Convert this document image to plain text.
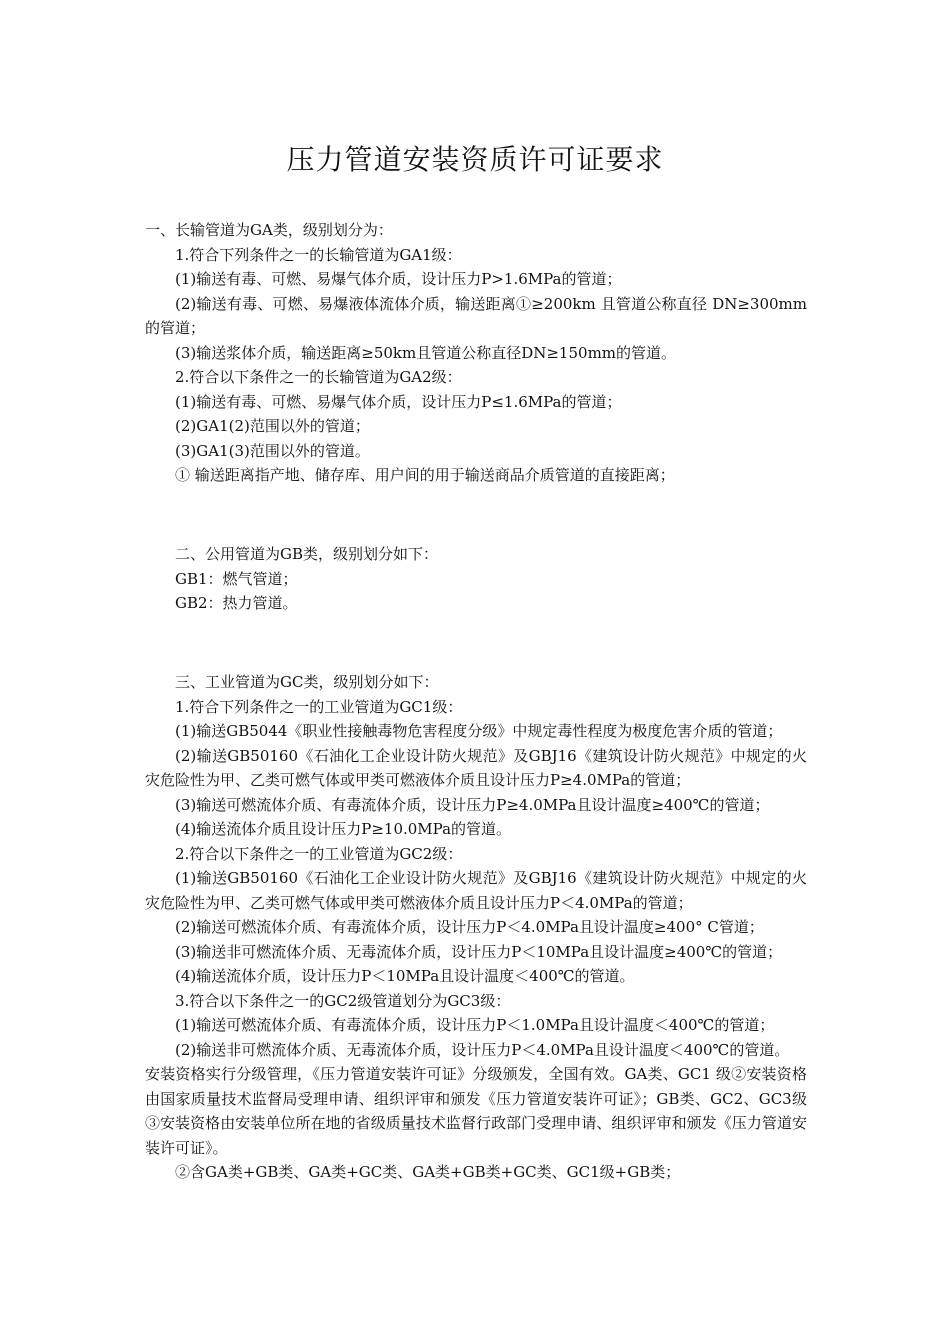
压力管道安装资质许可证要求

一、长输管道为GA类，级别划分为：

1.符合下列条件之一的长输管道为GA1级：

(1)输送有毒、可燃、易爆气体介质，设计压力P>1.6MPa的管道；

(2)输送有毒、可燃、易爆液体流体介质，输送距离①≥200km 且管道公称直径 DN≥300mm的管道；

(3)输送浆体介质，输送距离≥50km且管道公称直径DN≥150mm的管道。

2.符合以下条件之一的长输管道为GA2级：

(1)输送有毒、可燃、易爆气体介质，设计压力P≤1.6MPa的管道；

(2)GA1(2)范围以外的管道；

(3)GA1(3)范围以外的管道。

① 输送距离指产地、储存库、用户间的用于输送商品介质管道的直接距离；

二、公用管道为GB类，级别划分如下：

GB1：燃气管道；

GB2：热力管道。

三、工业管道为GC类，级别划分如下：

1.符合下列条件之一的工业管道为GC1级：

(1)输送GB5044《职业性接触毒物危害程度分级》中规定毒性程度为极度危害介质的管道；

(2)输送GB50160《石油化工企业设计防火规范》及GBJ16《建筑设计防火规范》中规定的火灾危险性为甲、乙类可燃气体或甲类可燃液体介质且设计压力P≥4.0MPa的管道；

(3)输送可燃流体介质、有毒流体介质，设计压力P≥4.0MPa且设计温度≥400℃的管道；

(4)输送流体介质且设计压力P≥10.0MPa的管道。

2.符合以下条件之一的工业管道为GC2级：

(1)输送GB50160《石油化工企业设计防火规范》及GBJ16《建筑设计防火规范》中规定的火灾危险性为甲、乙类可燃气体或甲类可燃液体介质且设计压力P＜4.0MPa的管道；

(2)输送可燃流体介质、有毒流体介质，设计压力P＜4.0MPa且设计温度≥400° C管道；

(3)输送非可燃流体介质、无毒流体介质，设计压力P＜10MPa且设计温度≥400℃的管道；

(4)输送流体介质，设计压力P＜10MPa且设计温度＜400℃的管道。

3.符合以下条件之一的GC2级管道划分为GC3级：

(1)输送可燃流体介质、有毒流体介质，设计压力P＜1.0MPa且设计温度＜400℃的管道；

(2)输送非可燃流体介质、无毒流体介质，设计压力P＜4.0MPa且设计温度＜400℃的管道。

安装资格实行分级管理，《压力管道安装许可证》分级颁发，全国有效。GA类、GC1 级②安装资格由国家质量技术监督局受理申请、组织评审和颁发《压力管道安装许可证》；GB类、GC2、GC3级③安装资格由安装单位所在地的省级质量技术监督行政部门受理申请、组织评审和颁发《压力管道安装许可证》。

②含GA类+GB类、GA类+GC类、GA类+GB类+GC类、GC1级+GB类；
